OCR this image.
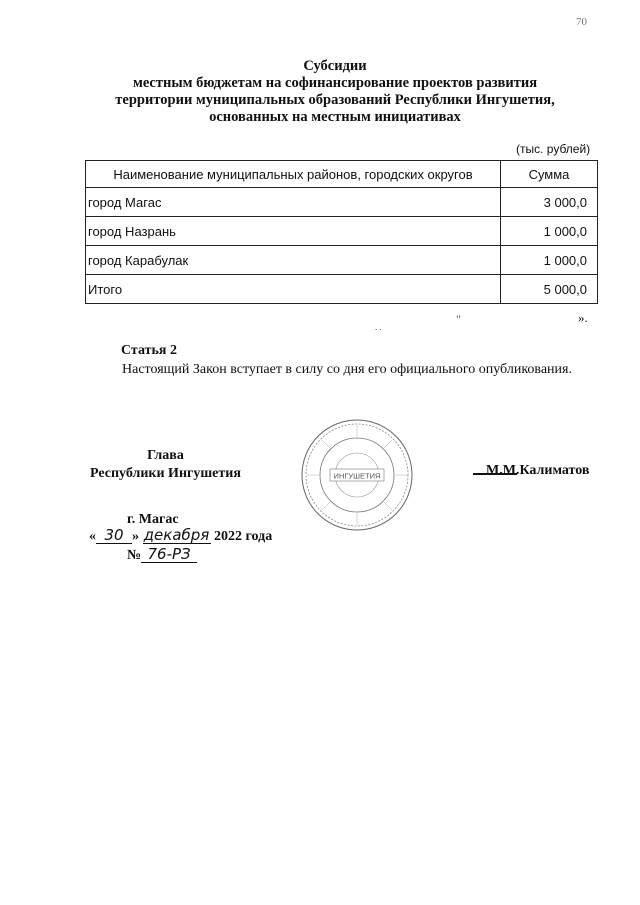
70
Субсидии
местным бюджетам на софинансирование проектов развития
территории муниципальных образований Республики Ингушетия,
основанных на местным инициативах
(тыс. рублей)
Наименование муниципальных районов, городских округов	Сумма
город Магас	3 000,0
город Назрань	1 000,0
город Карабулак	1 000,0
Итого	5 000,0
"
. .
».
Статья 2
Настоящий Закон вступает в силу со дня его официального опубликования.
Глава
Республики Ингушетия	ИНГУШЕТИЯ	М.М.Калиматов
г. Магас
« 30 » декабря 2022 года
№ 76-РЗ
